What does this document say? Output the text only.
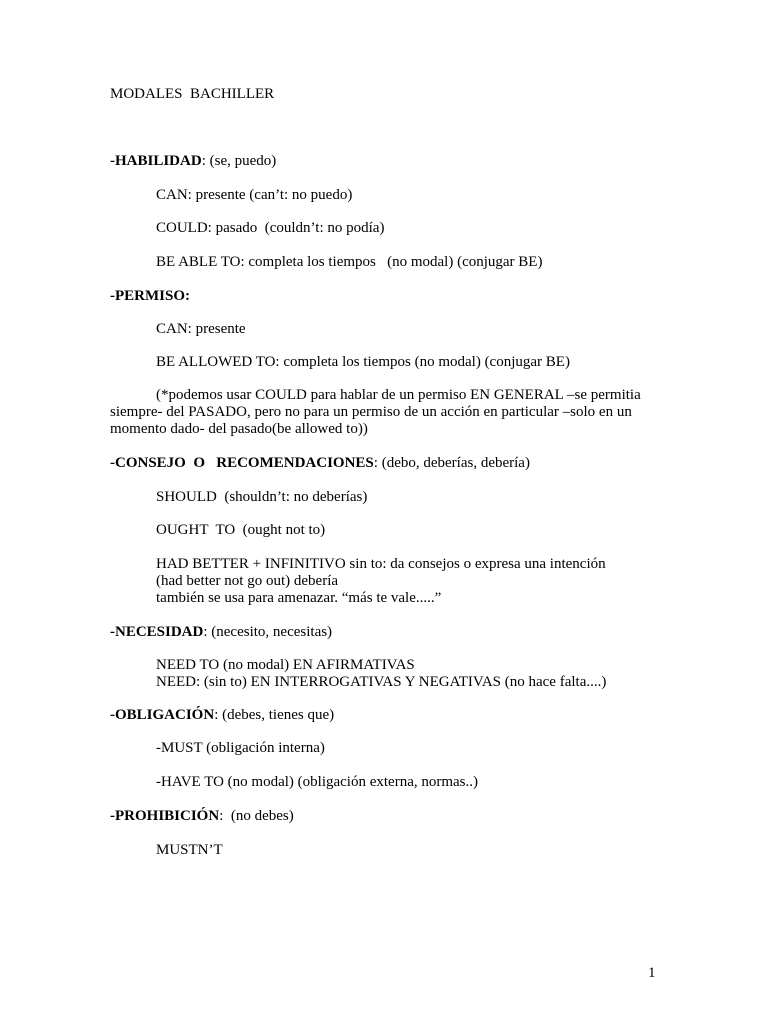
MODALES  BACHILLER
-HABILIDAD: (se, puedo)
CAN: presente (can’t: no puedo)
COULD: pasado  (couldn’t: no podía)
BE ABLE TO: completa los tiempos   (no modal) (conjugar BE)
-PERMISO:
CAN: presente
BE ALLOWED TO: completa los tiempos (no modal) (conjugar BE)
(*podemos usar COULD para hablar de un permiso EN GENERAL –se permitia
siempre- del PASADO, pero no para un permiso de un acción en particular –solo en un
momento dado- del pasado(be allowed to))
-CONSEJO  O   RECOMENDACIONES: (debo, deberías, debería)
SHOULD  (shouldn’t: no deberías)
OUGHT  TO  (ought not to)
HAD BETTER + INFINITIVO sin to: da consejos o expresa una intención
(had better not go out) debería
también se usa para amenazar. “más te vale.....”
-NECESIDAD: (necesito, necesitas)
NEED TO (no modal) EN AFIRMATIVAS
NEED: (sin to) EN INTERROGATIVAS Y NEGATIVAS (no hace falta....)
-OBLIGACIÓN: (debes, tienes que)
-MUST (obligación interna)
-HAVE TO (no modal) (obligación externa, normas..)
-PROHIBICIÓN:  (no debes)
MUSTN’T
1
